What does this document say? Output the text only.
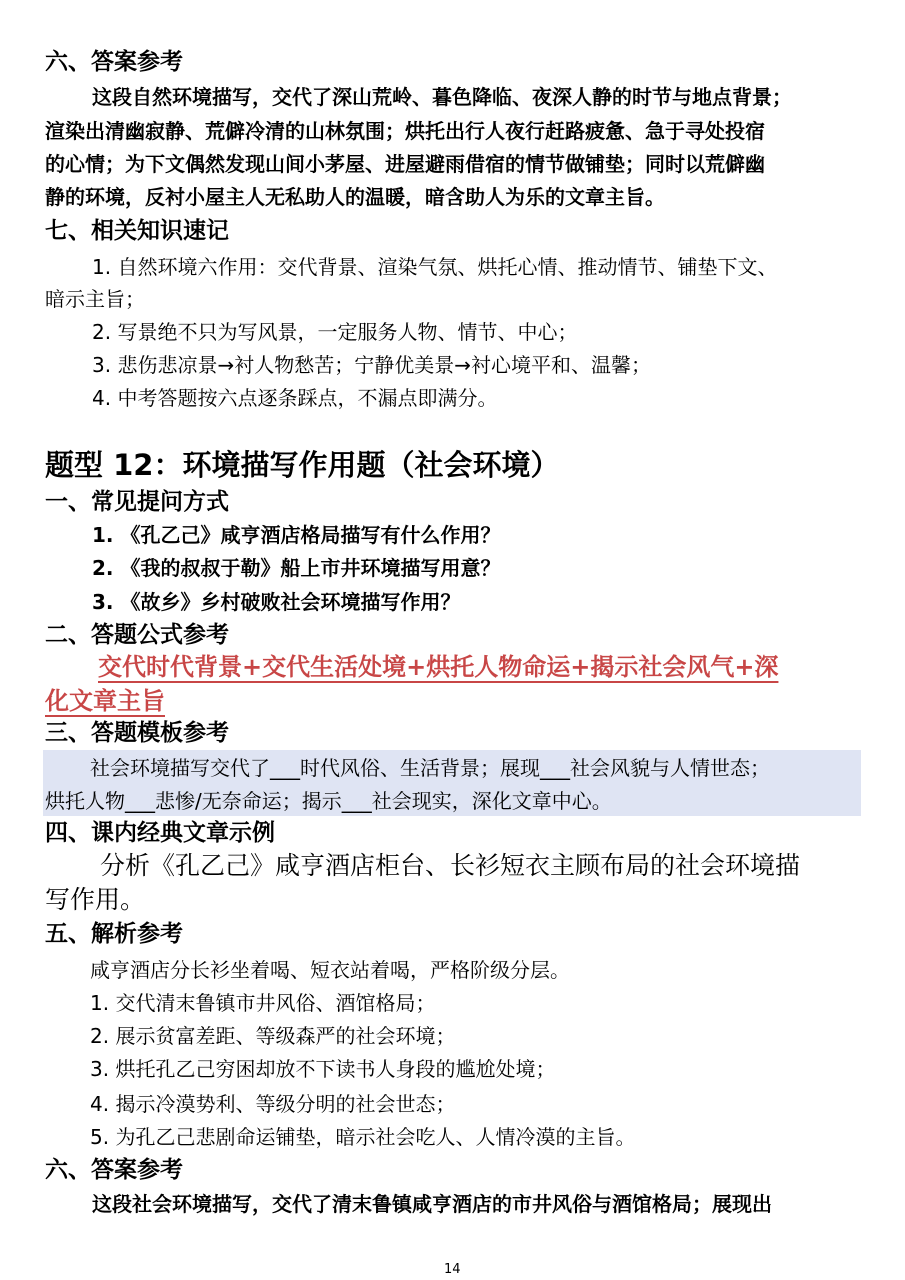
六、答案参考
这段自然环境描写，交代了深山荒岭、暮色降临、夜深人静的时节与地点背景；
渲染出清幽寂静、荒僻冷清的山林氛围；烘托出行人夜行赶路疲惫、急于寻处投宿
的心情；为下文偶然发现山间小茅屋、进屋避雨借宿的情节做铺垫；同时以荒僻幽
静的环境，反衬小屋主人无私助人的温暖，暗含助人为乐的文章主旨。
七、相关知识速记
1. 自然环境六作用：交代背景、渲染气氛、烘托心情、推动情节、铺垫下文、
暗示主旨；
2. 写景绝不只为写风景，一定服务人物、情节、中心；
3. 悲伤悲凉景→衬人物愁苦；宁静优美景→衬心境平和、温馨；
4. 中考答题按六点逐条踩点，不漏点即满分。
题型 12：环境描写作用题（社会环境）
一、常见提问方式
1. 《孔乙己》咸亨酒店格局描写有什么作用？
2. 《我的叔叔于勒》船上市井环境描写用意？
3. 《故乡》乡村破败社会环境描写作用？
二、答题公式参考
交代时代背景+交代生活处境+烘托人物命运+揭示社会风气+深
化文章主旨
三、答题模板参考
社会环境描写交代了___时代风俗、生活背景；展现___社会风貌与人情世态；
烘托人物___悲惨/无奈命运；揭示___社会现实，深化文章中心。
四、课内经典文章示例
分析《孔乙己》咸亨酒店柜台、长衫短衣主顾布局的社会环境描
写作用。
五、解析参考
咸亨酒店分长衫坐着喝、短衣站着喝，严格阶级分层。
1. 交代清末鲁镇市井风俗、酒馆格局；
2. 展示贫富差距、等级森严的社会环境；
3. 烘托孔乙己穷困却放不下读书人身段的尴尬处境；
4. 揭示冷漠势利、等级分明的社会世态；
5. 为孔乙己悲剧命运铺垫，暗示社会吃人、人情冷漠的主旨。
六、答案参考
这段社会环境描写，交代了清末鲁镇咸亨酒店的市井风俗与酒馆格局；展现出
14
